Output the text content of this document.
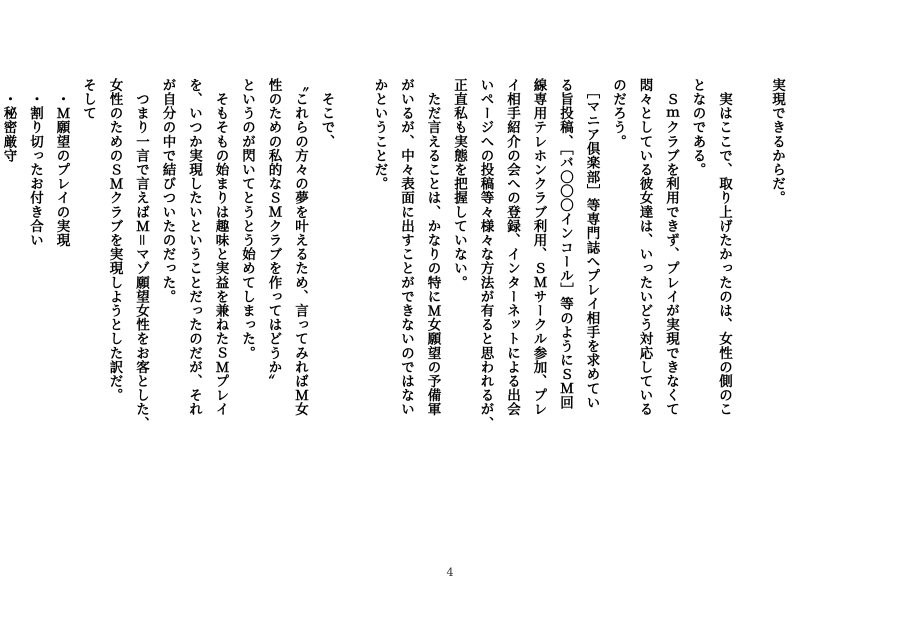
実現できるからだ。
　実はここで、取り上げたかったのは、女性の側のこ
となのである。
　Ｓｍクラブを利用できず、プレイが実現できなくて
悶々としている彼女達は、いったいどう対応している
のだろう。
　［マニア倶楽部］等専門誌へプレイ相手を求めてい
る旨投稿、［バ〇〇〇インコール］等のようにＳＭ回
線専用テレホンクラブ利用、ＳＭサークル参加、プレ
イ相手紹介の会への登録、インターネットによる出会
いページへの投稿等々様々な方法が有ると思われるが、
正直私も実態を把握していない。
　ただ言えることは、かなりの特にＭ女願望の予備軍
がいるが、中々表面に出すことができないのではない
かということだ。
　そこで、
〝これらの方々の夢を叶えるため、言ってみればＭ女
性のための私的なＳＭクラブを作ってはどうか〟
というのが閃いてとうとう始めてしまった。
　そもそもの始まりは趣味と実益を兼ねたＳＭプレイ
を、いつか実現したいということだったのだが、それ
が自分の中で結びついたのだった。
　つまり一言で言えばＭ＝マゾ願望女性をお客とした、
女性のためのＳＭクラブを実現しようとした訳だ。
そして
　・Ｍ願望のプレイの実現
　・割り切ったお付き合い
　・秘密厳守
4
